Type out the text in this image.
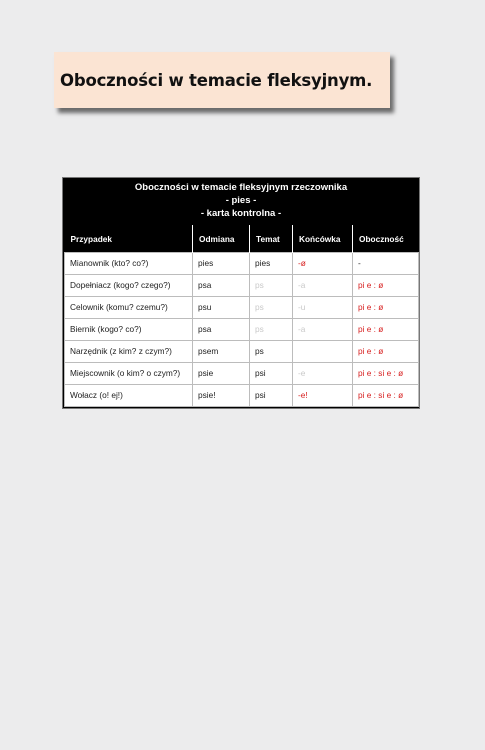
Oboczności w temacie fleksyjnym.
Oboczności w temacie fleksyjnym rzeczownika
- pies -
- karta kontrolna -
Przypadek	Odmiana	Temat	Końcówka	Oboczność
Mianownik (kto? co?)	pies	pies	-ø	-
Dopełniacz (kogo? czego?)	psa	ps	-a	pi e : ø
Celownik (komu? czemu?)	psu	ps	-u	pi e : ø
Biernik (kogo? co?)	psa	ps	-a	pi e : ø
Narzędnik (z kim? z czym?)	psem	ps		pi e : ø
Miejscownik (o kim? o czym?)	psie	psi	-e	pi e : si e : ø
Wołacz (o! ej!)	psie!	psi	-e!	pi e : si e : ø
